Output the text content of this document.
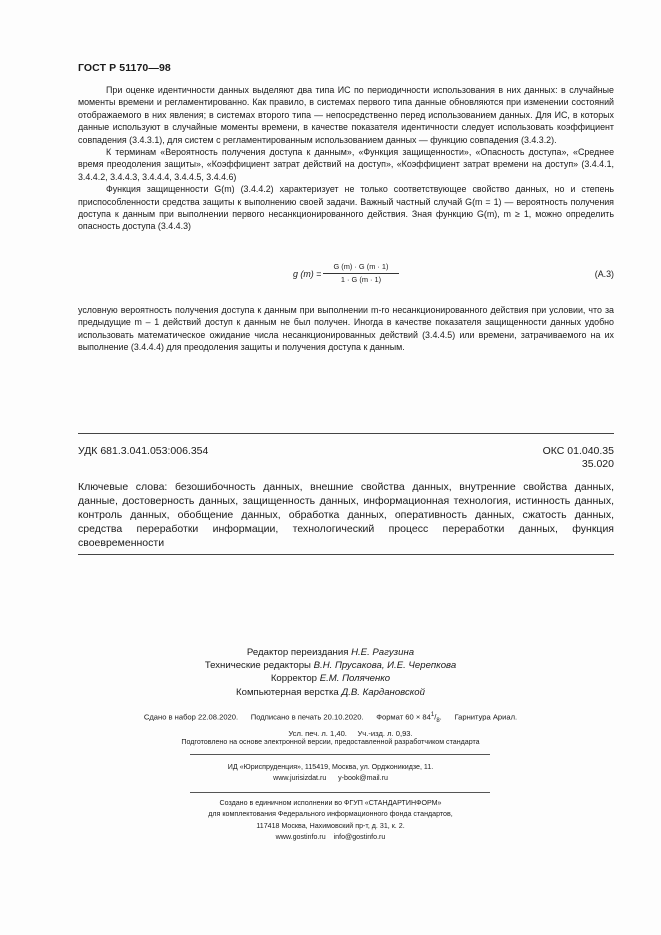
ГОСТ Р 51170—98

При оценке идентичности данных выделяют два типа ИС по периодичности использования в них данных: в случайные моменты времени и регламентированно. Как правило, в системах первого типа данные обновляются при изменении состояний отображаемого в них явления; в системах второго типа — непосредственно перед использованием данных. Для ИС, в которых данные используют в случайные моменты времени, в качестве показателя идентичности следует использовать коэффициент совпадения (3.4.3.1), для систем с регламентированным использованием данных — функцию совпадения (3.4.3.2).

К терминам «Вероятность получения доступа к данным», «Функция защищенности», «Опасность доступа», «Среднее время преодоления защиты», «Коэффициент затрат действий на доступ», «Коэффициент затрат времени на доступ» (3.4.4.1, 3.4.4.2, 3.4.4.3, 3.4.4.4, 3.4.4.5, 3.4.4.6)

Функция защищенности G(m) (3.4.4.2) характеризует не только соответствующее свойство данных, но и степень приспособленности средства защиты к выполнению своей задачи. Важный частный случай G(m = 1) — вероятность получения доступа к данным при выполнении первого несанкционированного действия. Зная функцию G(m), m ≥ 1, можно определить опасность доступа (3.4.4.3)

g $(m) = \frac{G (m) \cdot G (m \cdot 1)}{1 \cdot G (m \cdot 1)}$	(А.3)

условную вероятность получения доступа к данным при выполнении m-го несанкционированного действия при условии, что за предыдущие m – 1 действий доступ к данным не был получен. Иногда в качестве показателя защищенности данных удобно использовать математическое ожидание числа несанкционированных действий (3.4.4.5) или времени, затрачиваемого на их выполнение (3.4.4.4) для преодоления защиты и получения доступа к данным.

УДК 681.3.041.053:006.354	ОКС 01.040.35
35.020
Ключевые слова: безошибочность данных, внешние свойства данных, внутренние свойства данных, данные, достоверность данных, защищенность данных, информационная технология, истинность данных, контроль данных, обобщение данных, обработка данных, оперативность данных, сжатость данных, средства переработки информации, технологический процесс переработки данных, функция своевременности
Редактор переиздания Н.Е. Рагузина
Технические редакторы В.Н. Прусакова, И.Е. Черепкова
Корректор Е.М. Поляченко
Компьютерная верстка Д.В. Кардановской
Сдано в набор 22.08.2020. Подписано в печать 20.10.2020. Формат $60 \times 84^1/_8$.      Гарнитура Ариал.
Усл. печ. л. 1,40. Уч.-изд. л. 0,93.
Подготовлено на основе электронной версии, предоставленной разработчиком стандарта
ИД «Юриспруденция», 115419, Москва, ул. Орджоникидзе, 11.
www.jurisizdat.ru y-book@mail.ru
Создано в единичном исполнении во ФГУП «СТАНДАРТИНФОРМ»
для комплектования Федерального информационного фонда стандартов,
117418 Москва, Нахимовский пр-т, д. 31, к. 2.
www.gostinfo.ru info@gostinfo.ru
